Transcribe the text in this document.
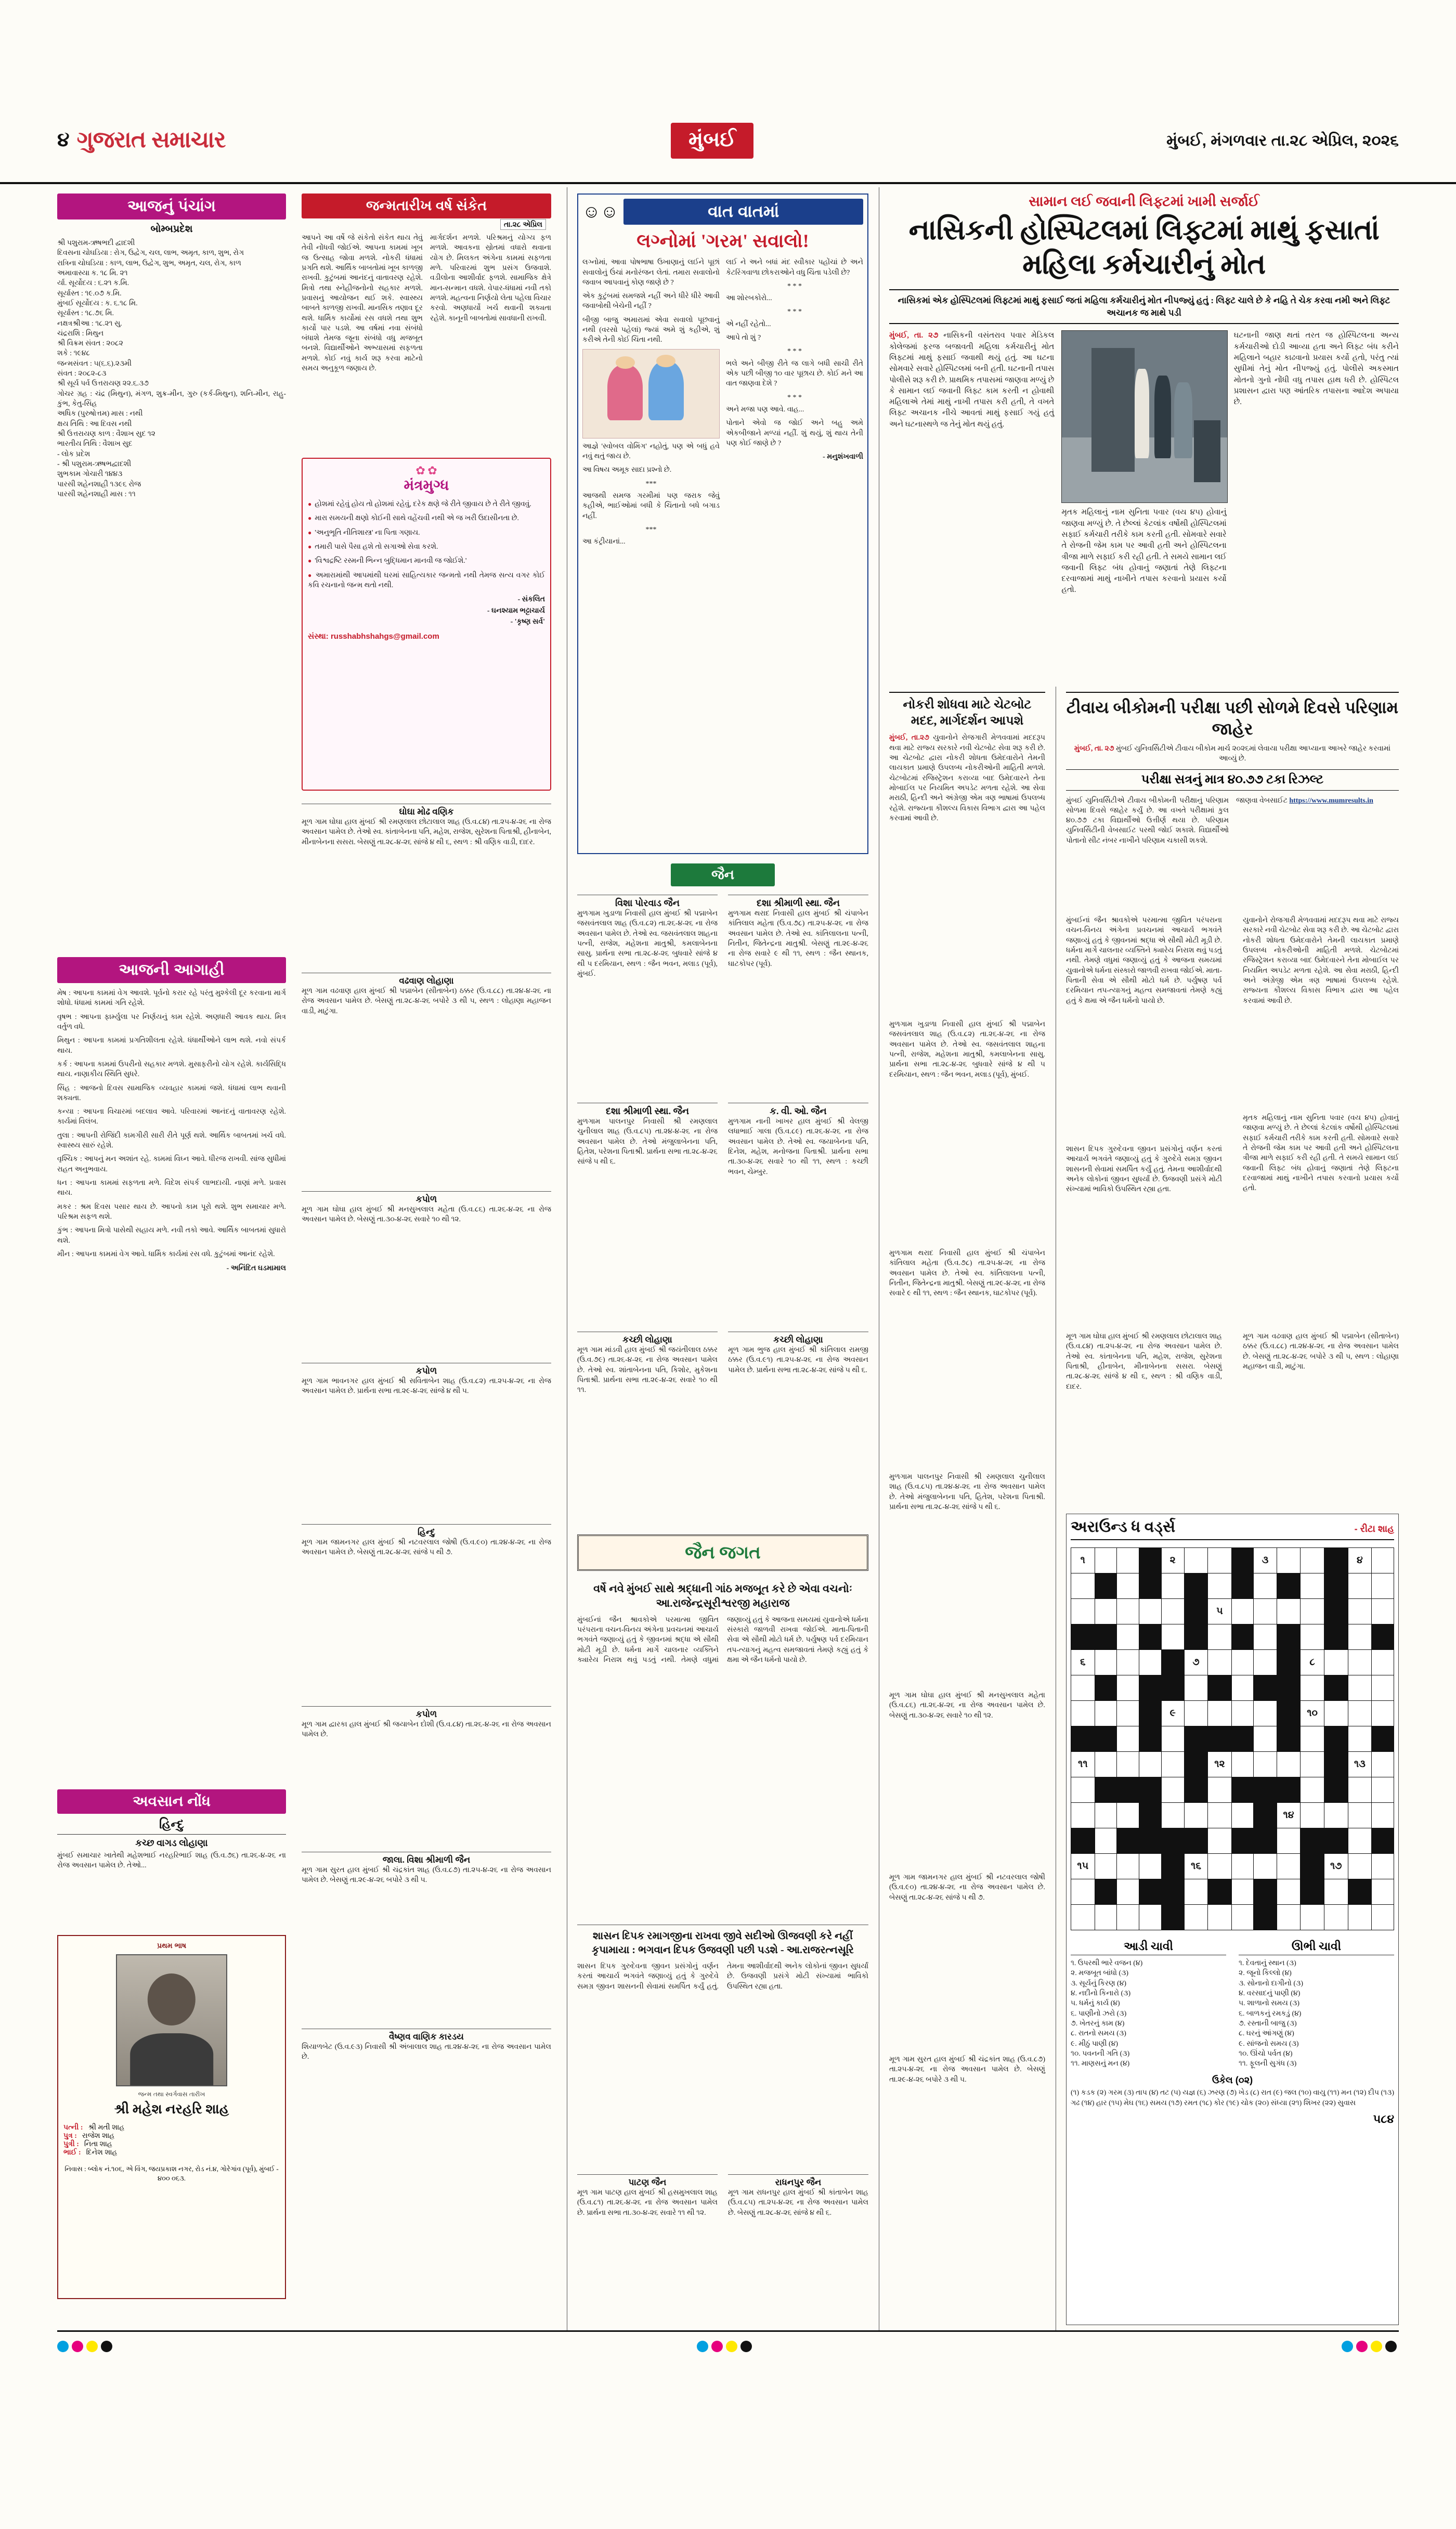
૪ ગુજરાત સમાચાર	મુંબઈ	મુંબઈ, મંગળવાર તા.૨૮ એપ્રિલ, ૨૦૨૬
આજનું પંચાંગ
બોમ્બપ્રદેશ
શ્રી પશુરામ-ઋષભદી દ્વાદશી
દિવસના ચોઘડિયા : રોગ, ઉદ્વેગ, ચલ, લાભ, અમૃત, કાળ, શુભ, રોગ
રાત્રિના ચોઘડિયા : કાળ, લાભ, ઉદ્વેગ, શુભ, અમૃત, ચલ, રોગ, કાળ
અમાવાસ્યા ક. ૧૮ મિ. ૨૧
ર્યા. સૂર્યોદય : ૬.૨૧ ક.મિ.
સૂર્યાસ્ત : ૧૯.૦૭ ક.મિ.
મુંબઈ સૂર્યોદય : ક. ૬.૧૮ મિ.
સૂર્યાસ્ત : ૧૮.૭૬ મિ.
નક્ષત્રશ્રીઆ : ૧૮.૨૧ સુ.
ચંદ્રરાશિ : મિથુન
શ્રી વિક્રમ સંવત : ૨૦૮૨
શકે : ૧૯૪૮
જન્મસંવત : ૫(૬.૬).૨૩મી
સંવત : ૨૦૮૨-૮૩
શ્રી સૂર્ય પર્વ ઉત્તરાયણ ૨૨.૬.૩૭
ગોચર ગ્રહ : ચંદ્ર (મિથુન), મંગળ, શુક્ર-મીન, ગુરુ (કર્ક-મિથુન), શનિ-મીન, રાહુ-કુંભ, કેતુ-સિંહ
અધિક (પુરુષોત્તમ) માસ : નથી
ક્ષય તિથિ : આ દિવસ નથી
શ્રી ઉત્તરાયણ કાળ : વૈશાખ સુદ ૧૨
ભારતીય તિથિ : વૈશાખ સુદ
- લોક પ્રદેશ
- શ્રી પશુરામ-ઋષભદ્વાદશી
શુભકામ ગોચારી ૧૪૪૩
પારસી શહેનશાહી ૧૩૯૬ રોજ
પારસી શહેનશાહી માસ : ૧૧
આજની આગાહી

મેષ : આપના કામમાં વેગ આવશે. પૂર્વનો કરાર રહે પરંતુ મુશ્કેલી દૂર કરવાના માર્ગ શોધો. ધંધામાં કામમાં ગતિ રહેશે.

વૃષભ : આપના ફાર્મ્યુલા પર નિર્ણયનું કામ રહેશે. અણધારી આવક થાય. મિત્ર વર્તુળ વધે.

મિથુન : આપના કામમાં પ્રગતિશીલતા રહેશે. ધંધાર્થીઓને લાભ થશે. નવો સંપર્ક થાય.

કર્ક : આપના કામમાં ઉપરીનો સહકાર મળશે. મુસાફરીનો યોગ રહેશે. કાર્યસિદ્ધિ થાય. નાણાકીય સ્થિતિ સુધરે.

સિંહ : આજનો દિવસ સામાજિક વ્યવહાર કામમાં જશે. ધંધામાં લાભ થવાની શક્યતા.

કન્યા : આપના વિચારમાં બદલાવ આવે. પરિવારમાં આનંદનું વાતાવરણ રહેશે. કાર્યમાં વિલંબ.

તુલા : આપની રોજિંદી કામગીરી સારી રીતે પૂર્ણ થશે. આર્થિક બાબતમાં ખર્ચ વધે. સ્વાસ્થ્ય સારું રહેશે.

વૃશ્ચિક : આપનું મન અશાંત રહે. કામમાં વિઘ્ન આવે. ધીરજ રાખવી. સાંજ સુધીમાં રાહત અનુભવાય.

ધન : આપના કામમાં સફળતા મળે. વિદેશ સંપર્ક લાભદાયી. નાણાં મળે. પ્રવાસ થાય.

મકર : શ્રમ દિવસ પસાર થાય છે. આપનો કામ પૂરો થશે. શુભ સમાચાર મળે. પરિશ્રમ સફળ થશે.

કુંભ : આપના મિત્રો પાસેથી સહાય મળે. નવી તકો આવે. આર્થિક બાબતમાં સુધારો થશે.

મીન : આપના કામમાં વેગ આવે. ધાર્મિક કાર્યમાં રસ વધે. કુટુંબમાં આનંદ રહેશે.

- અનિંદિત ઘડમામાલ

અવસાન નોંધ
હિન્દુ
કચ્છ વાગડ લોહાણા
મુંબઈ સમાચાર ખાતેથી મહેશભાઈ નરહરિભાઈ શાહ (ઉ.વ.૭૬) તા.૨૬-૪-૨૬ ના રોજ અવસાન પામેલ છે. તેઓ...
પ્રથમ ભાષ
જન્મ તથા સ્વર્ગવાસ તારીખ
શ્રી મહેશ નરહરિ શાહ
પત્ની : શ્રી મતી શાહ
પુત્ર : રાજેશ શાહ
પુત્રી : નિતા શાહ
ભાઈ : દિનેશ શાહ
નિવાસ : બ્લોક નં.૧૦૬, એ વિંગ, જયપ્રકાશ નગર, રોડ નં.૪, ગોરેગાંવ (પૂર્વ), મુંબઈ - ૪૦૦ ૦૬૩.
જન્મતારીખ વર્ષ સંકેત
તા.૨૮ એપ્રિલ
આપને આ વર્ષે જે સંકેતો સંકેત થાય તેવું તેવી નોંધવી જોઈએ. આપના કામમાં ખૂબ જ ઉત્સાહ જોવા મળશે. નોકરી ધંધામાં પ્રગતિ થશે. આર્થિક બાબતોમાં ખૂબ કાળજી રાખવી. કુટુંબમાં આનંદનું વાતાવરણ રહેશે. મિત્રો તથા સ્નેહીજનોનો સહકાર મળશે. પ્રવાસનું આયોજન થઈ શકે. સ્વાસ્થ્ય બાબતે કાળજી રાખવી. માનસિક તણાવ દૂર થશે. ધાર્મિક કાર્યોમાં રસ વધશે તથા શુભ કાર્યો પાર પડશે. આ વર્ષમાં નવા સંબંધો બંધાશે તેમજ જૂના સંબંધો વધુ મજબૂત બનશે. વિદ્યાર્થીઓને અભ્યાસમાં સફળતા મળશે. કોઈ નવું કાર્ય શરૂ કરવા માટેનો સમય અનુકૂળ જણાય છે.
માર્ગદર્શન મળશે. પરિશ્રમનું યોગ્ય ફળ મળશે. આવકના સ્રોતમાં વધારો થવાના યોગ છે. મિલકત અંગેના કામમાં સફળતા મળે. પરિવારમાં શુભ પ્રસંગ ઉજવાશે. વડીલોના આશીર્વાદ ફળશે. સામાજિક ક્ષેત્રે માન-સન્માન વધશે. વેપાર-ધંધામાં નવી તકો મળશે. મહત્વના નિર્ણયો લેતા પહેલા વિચાર કરવો. અણધાર્યો ખર્ચ થવાની શક્યતા રહેશે. કાનૂની બાબતોમાં સાવધાની રાખવી.
✿ ✿
મંત્રમુગ્ધ

● હોશમાં રહેવું હોય તો હોશમાં રહેવું, દરેક ક્ષણે જે રીતે જીવાય છે તે રીતે જીવવું.

● મારા સમયની ક્ષણો કોઈની સાથે વહેંચવી નથી એ જ ખરી ઉદાસીનતા છે.

● 'અનુભૂતિ નીતિશાસ્ત્ર' ના પિતા ગણાય.

● તમારી પાસે પૈસા હશે તો સગાઓ સેવા કરશે.

● 'વિશ્વદ્રષ્ટિ રસ્મની ભિન્ન બુદ્ધિમાન માનવી જ જોઈશે.'

● અમારામાંથી આપમાંથી ઘરમાં સાહિત્યકાર જન્મતો નથી તેમજ સત્ય વગર કોઈ કવિ રચનાનો જન્મ થતો નથી.

- સંકલિત

- ઘનશ્યામ ભટ્ટાચાર્ય

- 'કૃષ્ણ સર્વ'

સંસ્થા: russhabhshahgs@gmail.com
ઘોઘા મોઢ વણિક
મૂળ ગામ ઘોઘા હાલ મુંબઈ શ્રી રમણલાલ છોટાલાલ શાહ (ઉ.વ.૮૪) તા.૨૫-૪-૨૬ ના રોજ અવસાન પામેલ છે. તેઓ સ્વ. કાંતાબેનના પતિ, મહેશ, રાજેશ, સુરેશના પિતાશ્રી, હીનાબેન, મીનાબેનના સસરા. બેસણું તા.૨૮-૪-૨૬ સાંજે ૪ થી ૬, સ્થળ : શ્રી વણિક વાડી, દાદર.
વઢવાણ લોહાણા
મૂળ ગામ વઢવાણ હાલ મુંબઈ શ્રી પદ્માબેન (સીતાબેન) ઠક્કર (ઉ.વ.૮૮) તા.૨૪-૪-૨૬ ના રોજ અવસાન પામેલ છે. બેસણું તા.૨૮-૪-૨૬ બપોરે ૩ થી ૫, સ્થળ : લોહાણા મહાજન વાડી, માટુંગા.
કપોળ
મૂળ ગામ ઘોઘા હાલ મુંબઈ શ્રી મનસુખલાલ મહેતા (ઉ.વ.૮૬) તા.૨૬-૪-૨૬ ના રોજ અવસાન પામેલ છે. બેસણું તા.૩૦-૪-૨૬ સવારે ૧૦ થી ૧૨.
કપોળ
મૂળ ગામ ભાવનગર હાલ મુંબઈ શ્રી સવિતાબેન શાહ (ઉ.વ.૮૨) તા.૨૫-૪-૨૬ ના રોજ અવસાન પામેલ છે. પ્રાર્થના સભા તા.૨૯-૪-૨૬ સાંજે ૪ થી ૫.
હિન્દુ
મૂળ ગામ જામનગર હાલ મુંબઈ શ્રી નટવરલાલ જોષી (ઉ.વ.૯૦) તા.૨૪-૪-૨૬ ના રોજ અવસાન પામેલ છે. બેસણું તા.૨૮-૪-૨૬ સાંજે ૫ થી ૭.
કપોળ
મૂળ ગામ દ્વારકા હાલ મુંબઈ શ્રી જયાબેન દોશી (ઉ.વ.૮૪) તા.૨૬-૪-૨૬ ના રોજ અવસાન પામેલ છે.
જાલા. વિશા શ્રીમાળી જૈન
મૂળ ગામ સુરત હાલ મુંબઈ શ્રી ચંદ્રકાંત શાહ (ઉ.વ.૮૭) તા.૨૫-૪-૨૬ ના રોજ અવસાન પામેલ છે. બેસણું તા.૨૯-૪-૨૬ બપોરે ૩ થી ૫.
વૈષ્ણવ વાણિક કારડય
શિયાળબેટ (ઉ.વ.૯૩) નિવાસી શ્રી અંબાલાલ શાહ તા.૨૪-૪-૨૬ ના રોજ અવસાન પામેલ છે.
☺☺	વાત વાતમાં
લગ્નોમાં 'ગરમ' સવાલો!

લગ્નોમાં, આવા પોષભાષા ઉખાણાનું લઈને પૂછાં સવાલોનું ઉંચાં મનોરંજન લેતાં. તમારા સવાલોનો જવાબ આપવાનું કોણ જાણે છે ?

એક કુટુંબમાં સમજશે નહીં અને ધીરે ધીરે આવી જવાબોથી બેચેની નહીં ?

બીજી બાજુ અમારામાં એવા સવાલો પૂછવાનું નથી (વરસો પહેલાં) જ્યાં અમે શું કહીએ, શું કરીએ તેની કોઈ ચિંતા નથી.

આજ્ઞે 'સ્વોબલ વોમિંગ' નહોતું, પણ એ બધું હવે નવું થતું જાય છે.

આ વિષય અમૂક સાદા પ્રશ્નો છે.

***

આજથી સમજ ગરમીમાં પણ જરાક જેવું કહીએ, ભાઈઓમાં બધી કે ચિંતાનો બધે બગાડ નહીં.

***

આ કંટ્રીયાનાં...

લઈ ને અને બધાં મંદ સ્વીકાર પહોંચાં છે અને કેટરિંગવાળા છોકરાઓને વધુ ચિંતા પડેલી છે?

* * *

આ શોરબકોરો...

* * *

એ નહીં રહેતો...

આપે તો શું ?

* * *

ભલે અને બીજી રીતે જ લાગે બધી સાચી રીતે એક પછી બીજી ૧૦ વાર પૂછાય છે. કોઈ મને આ વાત જાણવા દેશે ?

* * *

અને મજા પણ આવે. વાહ...

પોતાને એવો જ જોઈ અને બહુ અમે એકબીજાને મળ્યાં નહીં. શું થયું, શું થાય તેની પણ કોઈ જાણે છે ?

- મનુશંખવાળી

જૈન
વિશા પોરવાડ જૈન
મુળગામ ખુડાળા નિવાસી હાલ મુંબઈ શ્રી પદ્માબેન જસવંતલાલ શાહ (ઉ.વ.૮૨) તા.૨૬-૪-૨૬ ના રોજ અવસાન પામેલ છે. તેઓ સ્વ. જસવંતલાલ શાહના પત્ની, રાજેશ, મહેશના માતુશ્રી, કમલાબેનના સાસુ. પ્રાર્થના સભા તા.૨૮-૪-૨૬ બુધવારે સાંજે ૪ થી ૫ દરમિયાન, સ્થળ : જૈન ભવન, મલાડ (પૂર્વ), મુંબઈ.
દશા શ્રીમાળી સ્થા. જૈન
મુળગામ થરાદ નિવાસી હાલ મુંબઈ શ્રી ચંપાબેન કાંતિલાલ મહેતા (ઉ.વ.૭૮) તા.૨૫-૪-૨૬ ના રોજ અવસાન પામેલ છે. તેઓ સ્વ. કાંતિલાલના પત્ની, નિતીન, જિતેન્દ્રના માતુશ્રી. બેસણું તા.૨૯-૪-૨૬ ના રોજ સવારે ૯ થી ૧૧, સ્થળ : જૈન સ્થાનક, ઘાટકોપર (પૂર્વ).
દશા શ્રીમાળી સ્થા. જૈન
મુળગામ પાલનપુર નિવાસી શ્રી રમણલાલ ચુનીલાલ શાહ (ઉ.વ.૮૫) તા.૨૪-૪-૨૬ ના રોજ અવસાન પામેલ છે. તેઓ મંજુલાબેનના પતિ, હિતેશ, પરેશના પિતાશ્રી. પ્રાર્થના સભા તા.૨૮-૪-૨૬ સાંજે ૫ થી ૬.
ક. વી. ઓ. જૈન
મુળગામ નાની ખાખર હાલ મુંબઈ શ્રી વેલજી લધાભાઈ ગાલા (ઉ.વ.૮૯) તા.૨૬-૪-૨૬ ના રોજ અવસાન પામેલ છે. તેઓ સ્વ. જયાબેનના પતિ, દિનેશ, મહેશ, મનોજના પિતાશ્રી. પ્રાર્થના સભા તા.૩૦-૪-૨૬ સવારે ૧૦ થી ૧૧, સ્થળ : કચ્છી ભવન, ચેમ્બુર.
કચ્છી લોહાણા
મૂળ ગામ માંડવી હાલ મુંબઈ શ્રી જયંતીલાલ ઠક્કર (ઉ.વ.૭૯) તા.૨૬-૪-૨૬ ના રોજ અવસાન પામેલ છે. તેઓ સ્વ. શાંતાબેનના પતિ, કિશોર, મુકેશના પિતાશ્રી. પ્રાર્થના સભા તા.૨૯-૪-૨૬ સવારે ૧૦ થી ૧૧.
કચ્છી લોહાણા
મૂળ ગામ ભુજ હાલ મુંબઈ શ્રી કાંતિલાલ રામજી ઠક્કર (ઉ.વ.૯૧) તા.૨૫-૪-૨૬ ના રોજ અવસાન પામેલ છે. પ્રાર્થના સભા તા.૨૮-૪-૨૬ સાંજે ૫ થી ૬.
જૈન જગત
વર્ષે નવે મુંબઈ સાથે શ્રદ્ધાની ગાંઠ મજબૂત કરે છે એવા વચનોઃ આ.રાજેન્દ્રસૂરીશ્વરજી મહારાજ
મુંબઈનાં જૈન શ્રાવકોએ પરમાત્મા જીવિત પરંપરાના વચન-વિનય અંગેના પ્રવચનમાં આચાર્ય ભગવંતે જણાવ્યું હતું કે જીવનમાં શ્રદ્ધા એ સૌથી મોટી મૂડી છે. ધર્મના માર્ગે ચાલનાર વ્યક્તિને ક્યારેય નિરાશ થવું પડતું નથી. તેમણે વધુમાં જણાવ્યું હતું કે આજના સમયમાં યુવાનોએ ધર્મના સંસ્કારો જાળવી રાખવા જોઈએ. માતા-પિતાની સેવા એ સૌથી મોટો ધર્મ છે. પર્યુષણ પર્વ દરમિયાન તપ-ત્યાગનું મહત્વ સમજાવતાં તેમણે કહ્યું હતું કે ક્ષમા એ જૈન ધર્મનો પાયો છે.
શાસન દિપક રમાગજીના રાખવા જીવે સદીઓ ઊજવણી કરે નહીં કૃપામાયા : ભગવાન દિપક ઉજવણી પછી પડશે - આ.રાજરત્નસૂરિ
શાસન દિપક ગુરુદેવના જીવન પ્રસંગોનું વર્ણન કરતાં આચાર્ય ભગવંતે જણાવ્યું હતું કે ગુરુદેવે સમગ્ર જીવન શાસનની સેવામાં સમર્પિત કર્યું હતું. તેમના આશીર્વાદથી અનેક લોકોનાં જીવન સુધર્યાં છે. ઉજવણી પ્રસંગે મોટી સંખ્યામાં ભાવિકો ઉપસ્થિત રહ્યા હતા.
પાટણ જૈન
મૂળ ગામ પાટણ હાલ મુંબઈ શ્રી હસમુખલાલ શાહ (ઉ.વ.૮૧) તા.૨૬-૪-૨૬ ના રોજ અવસાન પામેલ છે. પ્રાર્થના સભા તા.૩૦-૪-૨૬ સવારે ૧૧ થી ૧૨.
રાધનપુર જૈન
મૂળ ગામ રાધનપુર હાલ મુંબઈ શ્રી કાંતાબેન શાહ (ઉ.વ.૮૫) તા.૨૫-૪-૨૬ ના રોજ અવસાન પામેલ છે. બેસણું તા.૨૮-૪-૨૬ સાંજે ૪ થી ૬.
સામાન લઈ જવાની લિફ્ટમાં ખામી સર્જાઈ
નાસિકની હોસ્પિટલમાં લિફ્ટમાં માથું ફસાતાં મહિલા કર્મચારીનું મોત
નાસિકમાં એક હોસ્પિટલમાં લિફ્ટમાં માથું ફસાઈ જતાં મહિલા કર્મચારીનું મોત નીપજ્યું હતું : લિફ્ટ ચાલે છે કે નહિ તે ચેક કરવા નમી અને લિફ્ટ અચાનક જ માથે પડી
મુંબઈ, તા. ૨૭ નાસિકની વસંતરાવ પવાર મેડિકલ કોલેજમાં ફરજ બજાવતી મહિલા કર્મચારીનું મોત લિફ્ટમાં માથું ફસાઈ જવાથી થયું હતું. આ ઘટના સોમવારે સવારે હોસ્પિટલમાં બની હતી. ઘટનાની તપાસ પોલીસે શરૂ કરી છે. પ્રાથમિક તપાસમાં જાણવા મળ્યું છે કે સામાન લઈ જવાની લિફ્ટ કામ કરતી ન હોવાથી મહિલાએ તેમાં માથું નાખી તપાસ કરી હતી, તે વખતે લિફ્ટ અચાનક નીચે આવતાં માથું ફસાઈ ગયું હતું અને ઘટનાસ્થળે જ તેનું મોત થયું હતું.
મૃતક મહિલાનું નામ સુનિતા પવાર (વય ૪૫) હોવાનું જાણવા મળ્યું છે. તે છેલ્લાં કેટલાંક વર્ષોથી હોસ્પિટલમાં સફાઈ કર્મચારી તરીકે કામ કરતી હતી. સોમવારે સવારે તે રોજની જેમ કામ પર આવી હતી અને હોસ્પિટલના ત્રીજા માળે સફાઈ કરી રહી હતી. તે સમયે સામાન લઈ જવાની લિફ્ટ બંધ હોવાનું જણાતાં તેણે લિફ્ટના દરવાજામાં માથું નાખીને તપાસ કરવાનો પ્રયાસ કર્યો હતો.
ઘટનાની જાણ થતાં તરત જ હોસ્પિટલના અન્ય કર્મચારીઓ દોડી આવ્યા હતા અને લિફ્ટ બંધ કરીને મહિલાને બહાર કાઢવાનો પ્રયાસ કર્યો હતો, પરંતુ ત્યાં સુધીમાં તેનું મોત નીપજ્યું હતું. પોલીસે અકસ્માત મોતનો ગુનો નોંધી વધુ તપાસ હાથ ધરી છે. હોસ્પિટલ પ્રશાસન દ્વારા પણ આંતરિક તપાસના આદેશ અપાયા છે.
નોકરી શોધવા માટે ચેટબોટ મદદ, માર્ગદર્શન આપશે
મુંબઈ, તા.૨૭ યુવાનોને રોજગારી મેળવવામાં મદદરૂપ થવા માટે રાજ્ય સરકારે નવી ચેટબોટ સેવા શરૂ કરી છે. આ ચેટબોટ દ્વારા નોકરી શોધતા ઉમેદવારોને તેમની લાયકાત પ્રમાણે ઉપલબ્ધ નોકરીઓની માહિતી મળશે. ચેટબોટમાં રજિસ્ટ્રેશન કરાવ્યા બાદ ઉમેદવારને તેના મોબાઈલ પર નિયમિત અપડેટ મળતા રહેશે. આ સેવા મરાઠી, હિન્દી અને અંગ્રેજી એમ ત્રણ ભાષામાં ઉપલબ્ધ રહેશે. રાજ્યના કૌશલ્ય વિકાસ વિભાગ દ્વારા આ પહેલ કરવામાં આવી છે.
ટીવાય બીકોમની પરીક્ષા પછી સોળમે દિવસે પરિણામ જાહેર
મુંબઈ, તા. ૨૭ મુંબઈ યુનિવર્સિટીએ ટીવાય બીકોમ માર્ચ ૨૦૨૬માં લેવાયા પરીક્ષા આપ્યાના આખરે જાહેર કરવામાં આવ્યું છે.
પરીક્ષા સત્રનું માત્ર ૪૦.૭૭ ટકા રિઝલ્ટ
મુંબઈ યુનિવર્સિટીએ ટીવાય બીકોમની પરીક્ષાનું પરિણામ સોળમા દિવસે જાહેર કર્યું છે. આ વખતે પરીક્ષામાં કુલ ૪૦.૭૭ ટકા વિદ્યાર્થીઓ ઉત્તીર્ણ થયા છે. પરિણામ યુનિવર્સિટીની વેબસાઈટ પરથી જોઈ શકાશે. વિદ્યાર્થીઓ પોતાનો સીટ નંબર નાખીને પરિણામ ચકાસી શકશે.
જાણવા વેબસાઈટ https://www.mumresults.in
મુળગામ ખુડાળા નિવાસી હાલ મુંબઈ શ્રી પદ્માબેન જસવંતલાલ શાહ (ઉ.વ.૮૨) તા.૨૬-૪-૨૬ ના રોજ અવસાન પામેલ છે. તેઓ સ્વ. જસવંતલાલ શાહના પત્ની, રાજેશ, મહેશના માતુશ્રી, કમલાબેનના સાસુ. પ્રાર્થના સભા તા.૨૮-૪-૨૬ બુધવારે સાંજે ૪ થી ૫ દરમિયાન, સ્થળ : જૈન ભવન, મલાડ (પૂર્વ), મુંબઈ.
મુળગામ થરાદ નિવાસી હાલ મુંબઈ શ્રી ચંપાબેન કાંતિલાલ મહેતા (ઉ.વ.૭૮) તા.૨૫-૪-૨૬ ના રોજ અવસાન પામેલ છે. તેઓ સ્વ. કાંતિલાલના પત્ની, નિતીન, જિતેન્દ્રના માતુશ્રી. બેસણું તા.૨૯-૪-૨૬ ના રોજ સવારે ૯ થી ૧૧, સ્થળ : જૈન સ્થાનક, ઘાટકોપર (પૂર્વ).
મુળગામ પાલનપુર નિવાસી શ્રી રમણલાલ ચુનીલાલ શાહ (ઉ.વ.૮૫) તા.૨૪-૪-૨૬ ના રોજ અવસાન પામેલ છે. તેઓ મંજુલાબેનના પતિ, હિતેશ, પરેશના પિતાશ્રી. પ્રાર્થના સભા તા.૨૮-૪-૨૬ સાંજે ૫ થી ૬.
મુંબઈનાં જૈન શ્રાવકોએ પરમાત્મા જીવિત પરંપરાના વચન-વિનય અંગેના પ્રવચનમાં આચાર્ય ભગવંતે જણાવ્યું હતું કે જીવનમાં શ્રદ્ધા એ સૌથી મોટી મૂડી છે. ધર્મના માર્ગે ચાલનાર વ્યક્તિને ક્યારેય નિરાશ થવું પડતું નથી. તેમણે વધુમાં જણાવ્યું હતું કે આજના સમયમાં યુવાનોએ ધર્મના સંસ્કારો જાળવી રાખવા જોઈએ. માતા-પિતાની સેવા એ સૌથી મોટો ધર્મ છે. પર્યુષણ પર્વ દરમિયાન તપ-ત્યાગનું મહત્વ સમજાવતાં તેમણે કહ્યું હતું કે ક્ષમા એ જૈન ધર્મનો પાયો છે.
યુવાનોને રોજગારી મેળવવામાં મદદરૂપ થવા માટે રાજ્ય સરકારે નવી ચેટબોટ સેવા શરૂ કરી છે. આ ચેટબોટ દ્વારા નોકરી શોધતા ઉમેદવારોને તેમની લાયકાત પ્રમાણે ઉપલબ્ધ નોકરીઓની માહિતી મળશે. ચેટબોટમાં રજિસ્ટ્રેશન કરાવ્યા બાદ ઉમેદવારને તેના મોબાઈલ પર નિયમિત અપડેટ મળતા રહેશે. આ સેવા મરાઠી, હિન્દી અને અંગ્રેજી એમ ત્રણ ભાષામાં ઉપલબ્ધ રહેશે. રાજ્યના કૌશલ્ય વિકાસ વિભાગ દ્વારા આ પહેલ કરવામાં આવી છે.
શાસન દિપક ગુરુદેવના જીવન પ્રસંગોનું વર્ણન કરતાં આચાર્ય ભગવંતે જણાવ્યું હતું કે ગુરુદેવે સમગ્ર જીવન શાસનની સેવામાં સમર્પિત કર્યું હતું. તેમના આશીર્વાદથી અનેક લોકોનાં જીવન સુધર્યાં છે. ઉજવણી પ્રસંગે મોટી સંખ્યામાં ભાવિકો ઉપસ્થિત રહ્યા હતા.
મૃતક મહિલાનું નામ સુનિતા પવાર (વય ૪૫) હોવાનું જાણવા મળ્યું છે. તે છેલ્લાં કેટલાંક વર્ષોથી હોસ્પિટલમાં સફાઈ કર્મચારી તરીકે કામ કરતી હતી. સોમવારે સવારે તે રોજની જેમ કામ પર આવી હતી અને હોસ્પિટલના ત્રીજા માળે સફાઈ કરી રહી હતી. તે સમયે સામાન લઈ જવાની લિફ્ટ બંધ હોવાનું જણાતાં તેણે લિફ્ટના દરવાજામાં માથું નાખીને તપાસ કરવાનો પ્રયાસ કર્યો હતો.
મૂળ ગામ ઘોઘા હાલ મુંબઈ શ્રી રમણલાલ છોટાલાલ શાહ (ઉ.વ.૮૪) તા.૨૫-૪-૨૬ ના રોજ અવસાન પામેલ છે. તેઓ સ્વ. કાંતાબેનના પતિ, મહેશ, રાજેશ, સુરેશના પિતાશ્રી, હીનાબેન, મીનાબેનના સસરા. બેસણું તા.૨૮-૪-૨૬ સાંજે ૪ થી ૬, સ્થળ : શ્રી વણિક વાડી, દાદર.
મૂળ ગામ વઢવાણ હાલ મુંબઈ શ્રી પદ્માબેન (સીતાબેન) ઠક્કર (ઉ.વ.૮૮) તા.૨૪-૪-૨૬ ના રોજ અવસાન પામેલ છે. બેસણું તા.૨૮-૪-૨૬ બપોરે ૩ થી ૫, સ્થળ : લોહાણા મહાજન વાડી, માટુંગા.
મૂળ ગામ ઘોઘા હાલ મુંબઈ શ્રી મનસુખલાલ મહેતા (ઉ.વ.૮૬) તા.૨૬-૪-૨૬ ના રોજ અવસાન પામેલ છે. બેસણું તા.૩૦-૪-૨૬ સવારે ૧૦ થી ૧૨.
મૂળ ગામ જામનગર હાલ મુંબઈ શ્રી નટવરલાલ જોષી (ઉ.વ.૯૦) તા.૨૪-૪-૨૬ ના રોજ અવસાન પામેલ છે. બેસણું તા.૨૮-૪-૨૬ સાંજે ૫ થી ૭.
મૂળ ગામ સુરત હાલ મુંબઈ શ્રી ચંદ્રકાંત શાહ (ઉ.વ.૮૭) તા.૨૫-૪-૨૬ ના રોજ અવસાન પામેલ છે. બેસણું તા.૨૯-૪-૨૬ બપોરે ૩ થી ૫.
અરાઉન્ડ ધ વર્ડ્સ	- રીટા શાહ
૧				૨				૩				૪	

						૫							

૬					૭					૮			

				૯						૧૦			

૧૧						૧૨						૧૩	

									૧૪				

૧૫					૧૬						૧૭		

આડી ચાવી
૧. ઉપરથી ભારે વજન (૪)
૨. મજબૂત બાંધો (૩)
૩. સૂર્યનું કિરણ (૪)
૪. નદીનો કિનારો (૩)
૫. ધર્મનું કાર્ય (૪)
૬. પાણીનો ઝરો (૩)
૭. ખેતરનું કામ (૪)
૮. રાતનો સમય (૩)
૯. મીઠું પાણી (૪)
૧૦. પવનની ગતિ (૩)
૧૧. માણસનું મન (૪)
ઊભી ચાવી
૧. દેવતાનું સ્થાન (૩)
૨. જૂનો કિલ્લો (૪)
૩. સોનાનો દાગીનો (૩)
૪. વરસાદનું પાણી (૪)
૫. શાળાનો સમય (૩)
૬. બાળકનું રમકડું (૪)
૭. રસ્તાની બાજુ (૩)
૮. ઘરનું આંગણું (૪)
૯. સાંજનો સમય (૩)
૧૦. ઊંચો પર્વત (૪)
૧૧. ફૂલની સુગંધ (૩)
ઉકેલ (૦૨)
(૧) કડક (૨) ગરમ (૩) તાપ (૪) તટ (૫) યજ્ઞ (૬) ઝરણ (૭) ખેડ (૮) રાત (૯) જલ (૧૦) વાયુ (૧૧) મન (૧૨) દીપ (૧૩) ગઢ (૧૪) હાર (૧૫) મેઘ (૧૬) સમય (૧૭) રમત (૧૮) કોર (૧૯) ચોક (૨૦) સંધ્યા (૨૧) શિખર (૨૨) સુવાસ
૫૮૪
